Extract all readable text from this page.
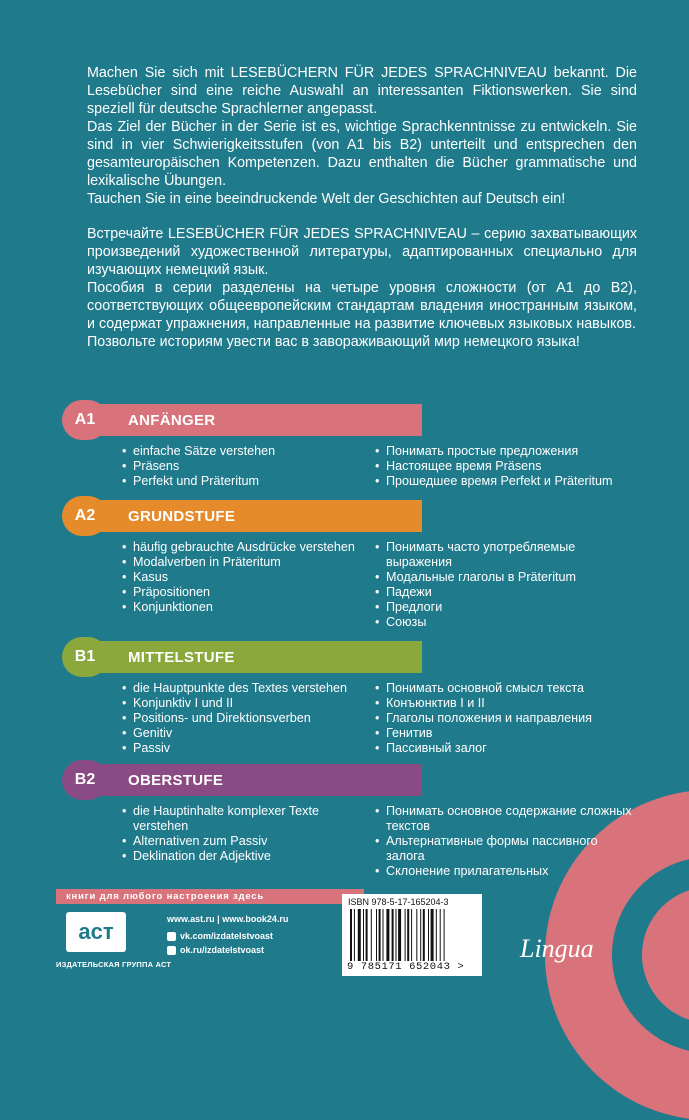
Machen Sie sich mit LESEBÜCHERN FÜR JEDES SPRACHNIVEAU bekannt. Die Lesebücher sind eine reiche Auswahl an interessanten Fiktionswerken. Sie sind speziell für deutsche Sprachlerner angepasst.

Das Ziel der Bücher in der Serie ist es, wichtige Sprachkenntnisse zu entwickeln. Sie sind in vier Schwierigkeitsstufen (von A1 bis B2) unterteilt und entsprechen den gesamteuropäischen Kompetenzen. Dazu enthalten die Bücher grammatische und lexikalische Übungen.

Tauchen Sie in eine beeindruckende Welt der Geschichten auf Deutsch ein!

Встречайте LESEBÜCHER FÜR JEDES SPRACHNIVEAU – серию захватывающих произведений художественной литературы, адаптированных специально для изучающих немецкий язык.

Пособия в серии разделены на четыре уровня сложности (от A1 до B2), соответствующих общеевропейским стандартам владения иностранным языком, и содержат упражнения, направленные на развитие ключевых языковых навыков.

Позвольте историям увести вас в завораживающий мир немецкого языка!

A1	ANFÄNGER
• einfache Sätze verstehen
• Präsens
• Perfekt und Präteritum
• Понимать простые предложения
• Настоящее время Präsens
• Прошедшее время Perfekt и Präteritum
A2	GRUNDSTUFE
• häufig gebrauchte Ausdrücke verstehen
• Modalverben in Präteritum
• Kasus
• Präpositionen
• Konjunktionen
• Понимать часто употребляемые выражения
• Модальные глаголы в Präteritum
• Падежи
• Предлоги
• Союзы
B1	MITTELSTUFE
• die Hauptpunkte des Textes verstehen
• Konjunktiv I und II
• Positions- und Direktionsverben
• Genitiv
• Passiv
• Понимать основной смысл текста
• Конъюнктив I и II
• Глаголы положения и направления
• Генитив
• Пассивный залог
B2	OBERSTUFE
• die Hauptinhalte komplexer Texte verstehen
• Alternativen zum Passiv
• Deklination der Adjektive
• Понимать основное содержание сложных текстов
• Альтернативные формы пассивного залога
• Склонение прилагательных
книги для любого настроения здесь
аст
ИЗДАТЕЛЬСКАЯ ГРУППА АСТ
www.ast.ru | www.book24.ru
vk.com/izdatelstvoast
ok.ru/izdatelstvoast
ISBN 978-5-17-165204-3
9 785171 652043 >
Lingua
